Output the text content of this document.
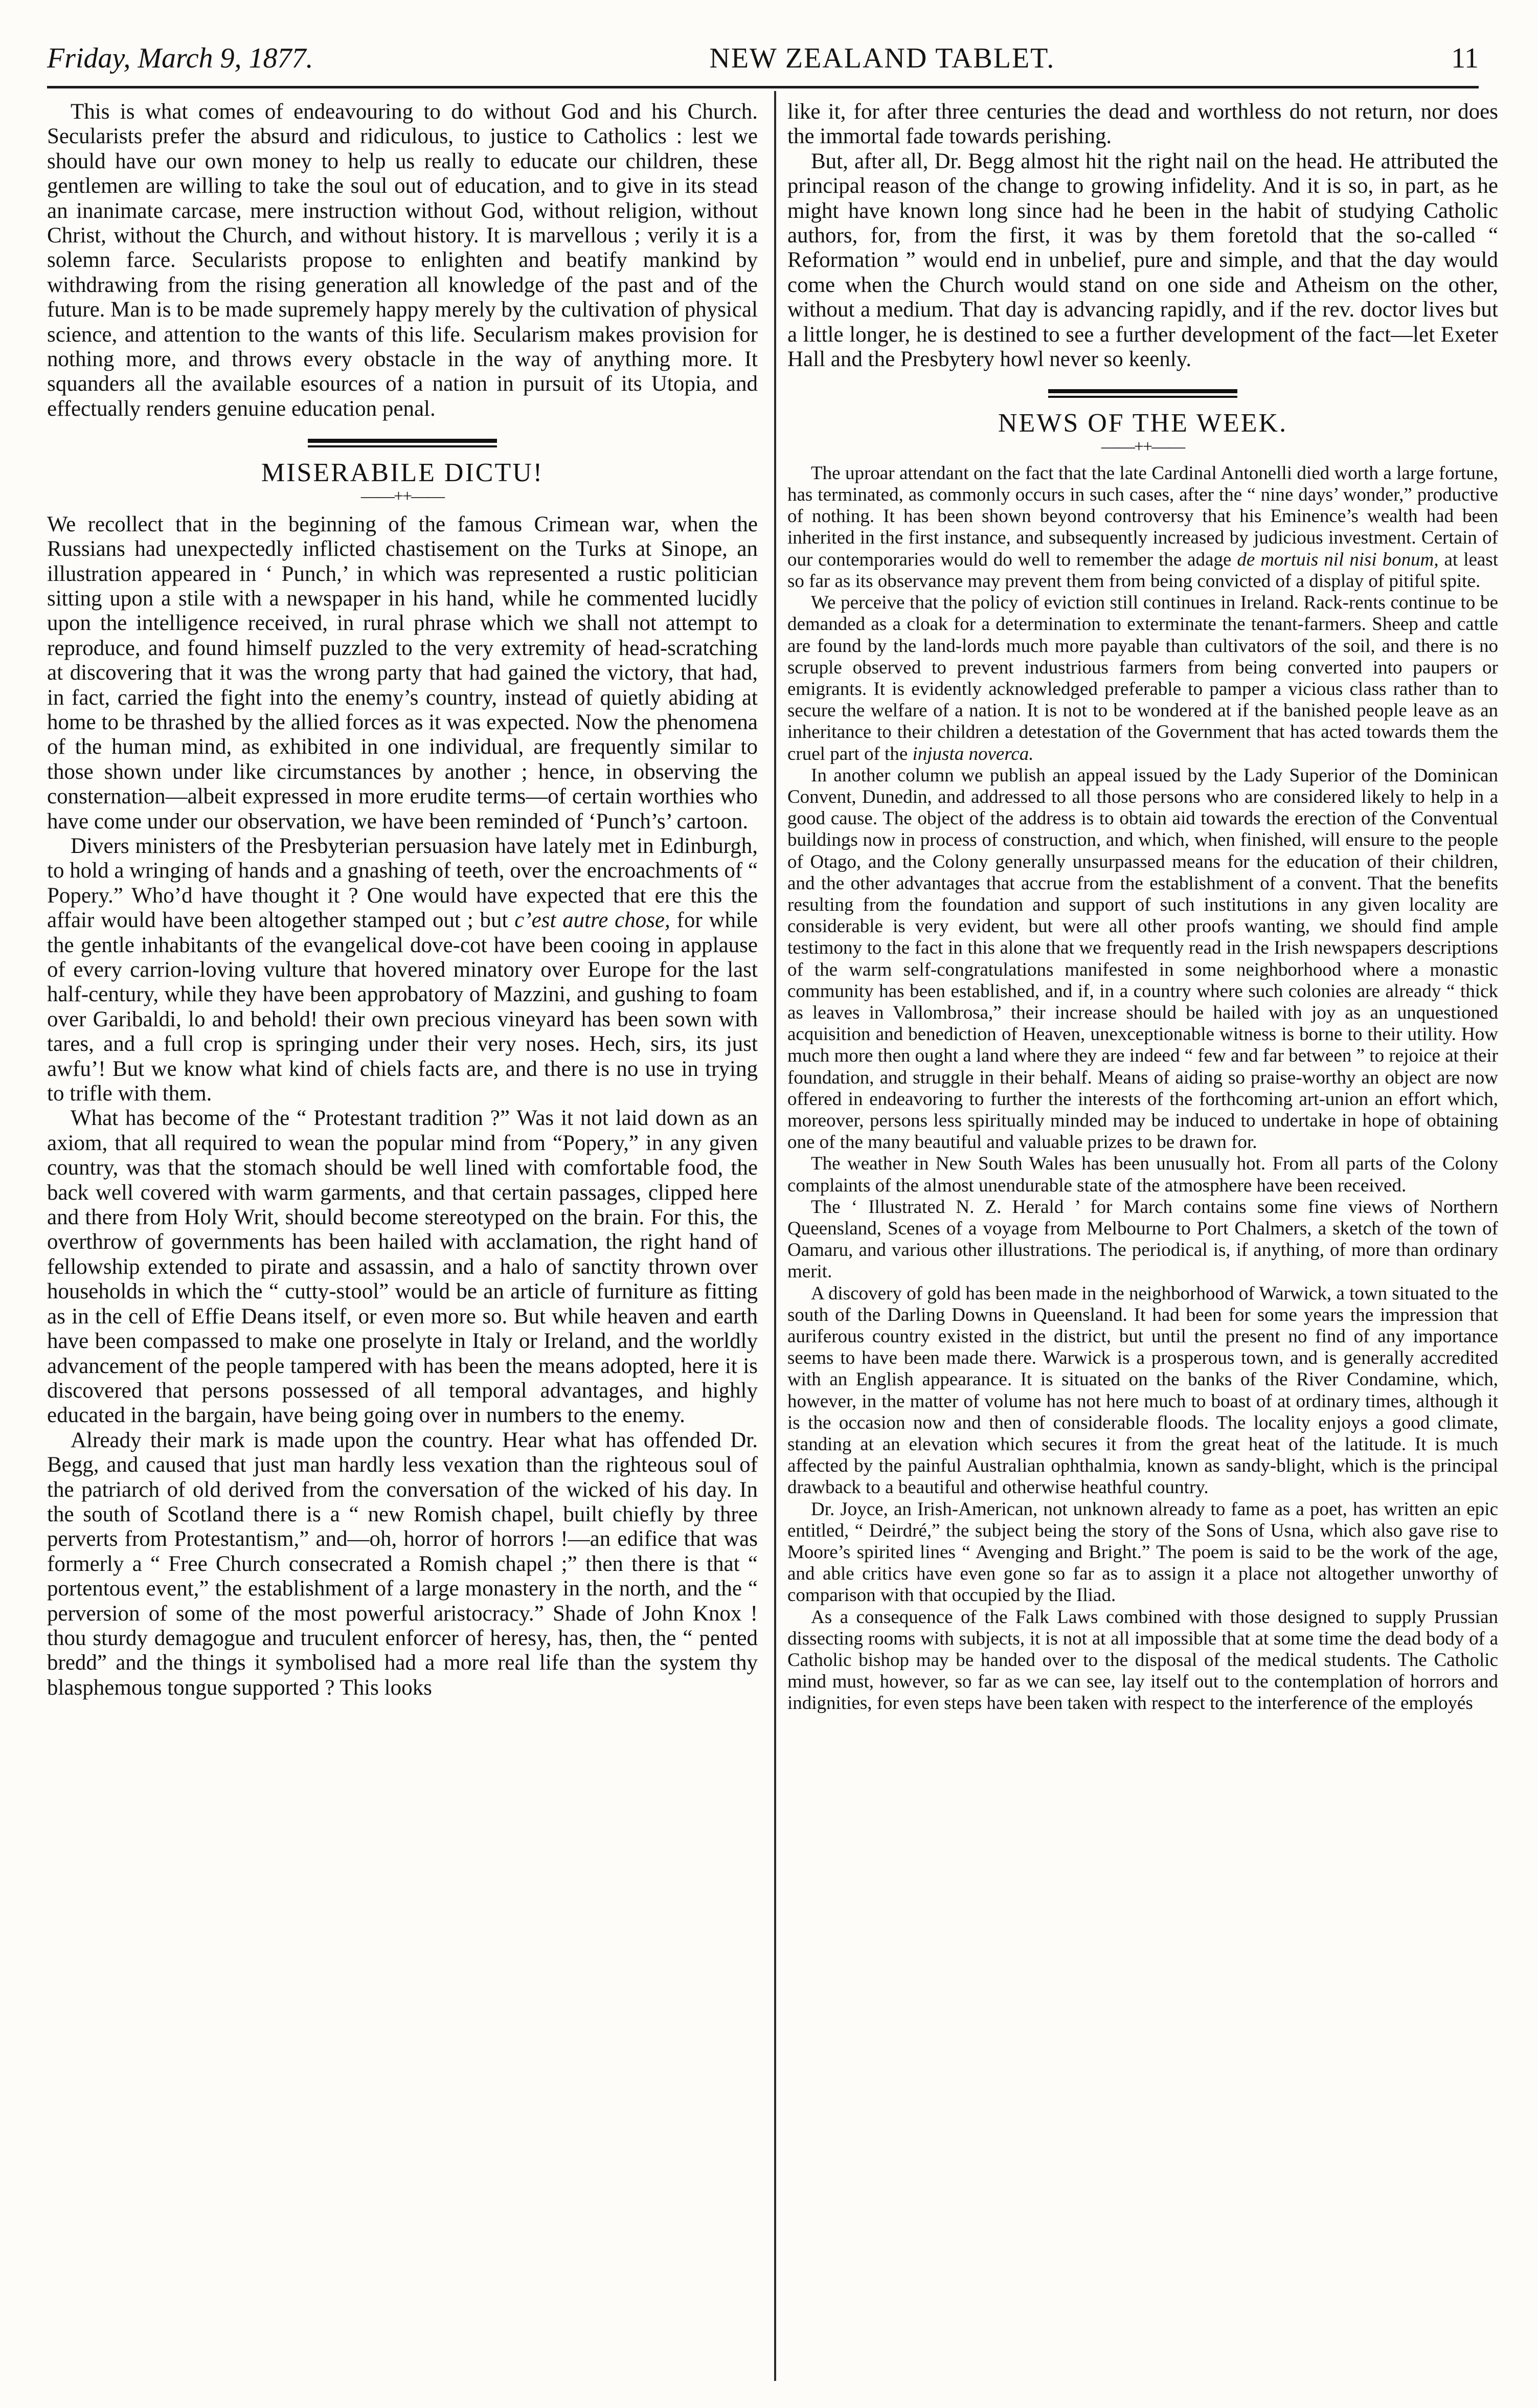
Friday, March 9, 1877.	NEW ZEALAND TABLET.	11

This is what comes of endeavouring to do without God and his Church. Secularists prefer the absurd and ridiculous, to justice to Catholics : lest we should have our own money to help us really to educate our children, these gentlemen are willing to take the soul out of education, and to give in its stead an inanimate carcase, mere instruction without God, without religion, without Christ, without the Church, and without history. It is marvellous ; verily it is a solemn farce. Secularists propose to enlighten and beatify mankind by withdrawing from the rising generation all knowledge of the past and of the future. Man is to be made supremely happy merely by the cultivation of physical science, and attention to the wants of this life. Secularism makes provision for nothing more, and throws every obstacle in the way of anything more. It squanders all the available esources of a nation in pursuit of its Utopia, and effectually renders genuine education penal.

MISERABILE DICTU!
——++——

We recollect that in the beginning of the famous Crimean war, when the Russians had unexpectedly inflicted chastisement on the Turks at Sinope, an illustration appeared in ‘ Punch,’ in which was represented a rustic politician sitting upon a stile with a newspaper in his hand, while he commented lucidly upon the intelligence received, in rural phrase which we shall not attempt to reproduce, and found himself puzzled to the very extremity of head-scratching at discovering that it was the wrong party that had gained the victory, that had, in fact, carried the fight into the enemy’s country, instead of quietly abiding at home to be thrashed by the allied forces as it was expected. Now the phenomena of the human mind, as exhibited in one individual, are frequently similar to those shown under like circumstances by another ; hence, in observing the consternation—albeit expressed in more erudite terms—of certain worthies who have come under our observation, we have been reminded of ‘Punch’s’ cartoon.

Divers ministers of the Presbyterian persuasion have lately met in Edinburgh, to hold a wringing of hands and a gnashing of teeth, over the encroachments of “ Popery.” Who’d have thought it ? One would have expected that ere this the affair would have been altogether stamped out ; but c’est autre chose, for while the gentle inhabitants of the evangelical dove-cot have been cooing in applause of every carrion-loving vulture that hovered minatory over Europe for the last half-century, while they have been approbatory of Mazzini, and gushing to foam over Garibaldi, lo and behold! their own precious vineyard has been sown with tares, and a full crop is springing under their very noses. Hech, sirs, its just awfu’! But we know what kind of chiels facts are, and there is no use in trying to trifle with them.

What has become of the “ Protestant tradition ?” Was it not laid down as an axiom, that all required to wean the popular mind from “Popery,” in any given country, was that the stomach should be well lined with comfortable food, the back well covered with warm garments, and that certain passages, clipped here and there from Holy Writ, should become stereotyped on the brain. For this, the overthrow of governments has been hailed with acclamation, the right hand of fellowship extended to pirate and assassin, and a halo of sanctity thrown over households in which the “ cutty-stool” would be an article of furniture as fitting as in the cell of Effie Deans itself, or even more so. But while heaven and earth have been compassed to make one proselyte in Italy or Ireland, and the worldly advancement of the people tampered with has been the means adopted, here it is discovered that persons possessed of all temporal advantages, and highly educated in the bargain, have being going over in numbers to the enemy.

Already their mark is made upon the country. Hear what has offended Dr. Begg, and caused that just man hardly less vexation than the righteous soul of the patriarch of old derived from the conversation of the wicked of his day. In the south of Scotland there is a “ new Romish chapel, built chiefly by three perverts from Protestantism,” and—oh, horror of horrors !—an edifice that was formerly a “ Free Church consecrated a Romish chapel ;” then there is that “ portentous event,” the establishment of a large monastery in the north, and the “ perversion of some of the most powerful aristocracy.” Shade of John Knox ! thou sturdy demagogue and truculent enforcer of heresy, has, then, the “ pented bredd” and the things it symbolised had a more real life than the system thy blasphemous tongue supported ? This looks

like it, for after three centuries the dead and worthless do not return, nor does the immortal fade towards perishing.

But, after all, Dr. Begg almost hit the right nail on the head. He attributed the principal reason of the change to growing infidelity. And it is so, in part, as he might have known long since had he been in the habit of studying Catholic authors, for, from the first, it was by them foretold that the so-called “ Reformation ” would end in unbelief, pure and simple, and that the day would come when the Church would stand on one side and Atheism on the other, without a medium. That day is advancing rapidly, and if the rev. doctor lives but a little longer, he is destined to see a further development of the fact—let Exeter Hall and the Presbytery howl never so keenly.

NEWS OF THE WEEK.
——++——

The uproar attendant on the fact that the late Cardinal Antonelli died worth a large fortune, has terminated, as commonly occurs in such cases, after the “ nine days’ wonder,” productive of nothing. It has been shown beyond controversy that his Eminence’s wealth had been inherited in the first instance, and subsequently increased by judicious investment. Certain of our contemporaries would do well to remember the adage de mortuis nil nisi bonum, at least so far as its observance may prevent them from being convicted of a display of pitiful spite.

We perceive that the policy of eviction still continues in Ireland. Rack-rents continue to be demanded as a cloak for a determination to exterminate the tenant-farmers. Sheep and cattle are found by the land-lords much more payable than cultivators of the soil, and there is no scruple observed to prevent industrious farmers from being converted into paupers or emigrants. It is evidently acknowledged preferable to pamper a vicious class rather than to secure the welfare of a nation. It is not to be wondered at if the banished people leave as an inheritance to their children a detestation of the Government that has acted towards them the cruel part of the injusta noverca.

In another column we publish an appeal issued by the Lady Superior of the Dominican Convent, Dunedin, and addressed to all those persons who are considered likely to help in a good cause. The object of the address is to obtain aid towards the erection of the Conventual buildings now in process of construction, and which, when finished, will ensure to the people of Otago, and the Colony generally unsurpassed means for the education of their children, and the other advantages that accrue from the establishment of a convent. That the benefits resulting from the foundation and support of such institutions in any given locality are considerable is very evident, but were all other proofs wanting, we should find ample testimony to the fact in this alone that we frequently read in the Irish newspapers descriptions of the warm self-congratulations manifested in some neighborhood where a monastic community has been established, and if, in a country where such colonies are already “ thick as leaves in Vallombrosa,” their increase should be hailed with joy as an unquestioned acquisition and benediction of Heaven, unexceptionable witness is borne to their utility. How much more then ought a land where they are indeed “ few and far between ” to rejoice at their foundation, and struggle in their behalf. Means of aiding so praise-worthy an object are now offered in endeavoring to further the interests of the forthcoming art-union an effort which, moreover, persons less spiritually minded may be induced to undertake in hope of obtaining one of the many beautiful and valuable prizes to be drawn for.

The weather in New South Wales has been unusually hot. From all parts of the Colony complaints of the almost unendurable state of the atmosphere have been received.

The ‘ Illustrated N. Z. Herald ’ for March contains some fine views of Northern Queensland, Scenes of a voyage from Melbourne to Port Chalmers, a sketch of the town of Oamaru, and various other illustrations. The periodical is, if anything, of more than ordinary merit.

A discovery of gold has been made in the neighborhood of Warwick, a town situated to the south of the Darling Downs in Queensland. It had been for some years the impression that auriferous country existed in the district, but until the present no find of any importance seems to have been made there. Warwick is a prosperous town, and is generally accredited with an English appearance. It is situated on the banks of the River Condamine, which, however, in the matter of volume has not here much to boast of at ordinary times, although it is the occasion now and then of considerable floods. The locality enjoys a good climate, standing at an elevation which secures it from the great heat of the latitude. It is much affected by the painful Australian ophthalmia, known as sandy-blight, which is the principal drawback to a beautiful and otherwise heathful country.

Dr. Joyce, an Irish-American, not unknown already to fame as a poet, has written an epic entitled, “ Deirdré,” the subject being the story of the Sons of Usna, which also gave rise to Moore’s spirited lines “ Avenging and Bright.” The poem is said to be the work of the age, and able critics have even gone so far as to assign it a place not altogether unworthy of comparison with that occupied by the Iliad.

As a consequence of the Falk Laws combined with those designed to supply Prussian dissecting rooms with subjects, it is not at all impossible that at some time the dead body of a Catholic bishop may be handed over to the disposal of the medical students. The Catholic mind must, however, so far as we can see, lay itself out to the contemplation of horrors and indignities, for even steps have been taken with respect to the interference of the employés
